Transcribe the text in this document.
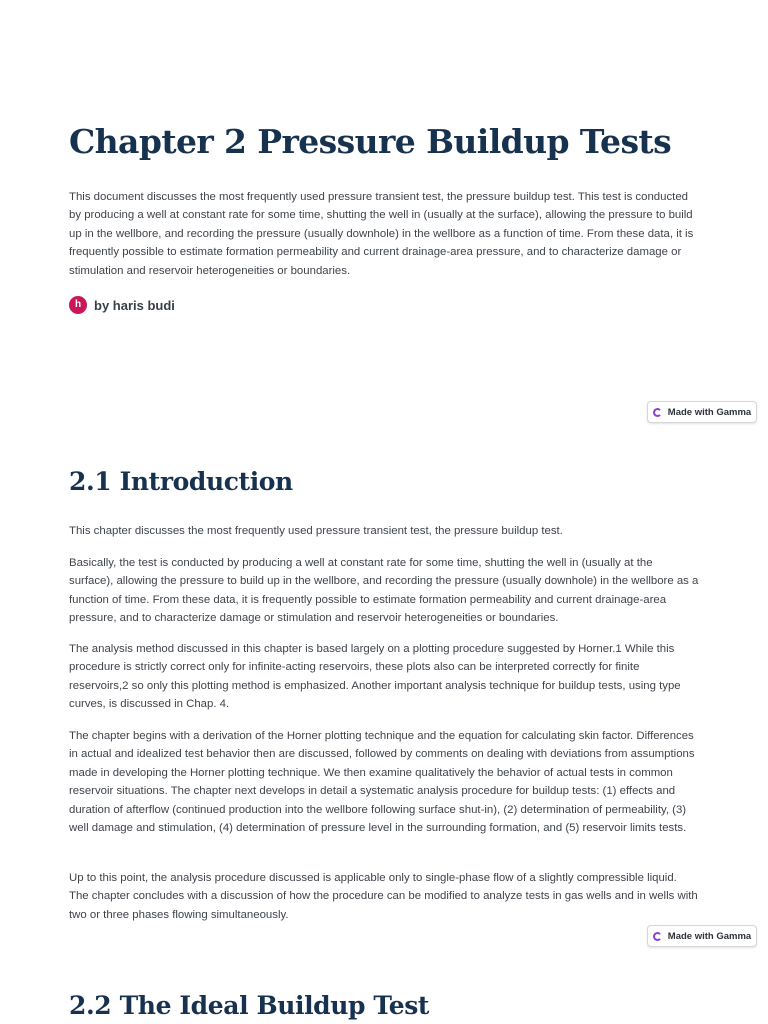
Chapter 2 Pressure Buildup Tests

This document discusses the most frequently used pressure transient test, the pressure buildup test. This test is conducted by producing a well at constant rate for some time, shutting the well in (usually at the surface), allowing the pressure to build up in the wellbore, and recording the pressure (usually downhole) in the wellbore as a function of time. From these data, it is frequently possible to estimate formation permeability and current drainage-area pressure, and to characterize damage or stimulation and reservoir heterogeneities or boundaries.

h by haris budi
Made with Gamma
2.1 Introduction

This chapter discusses the most frequently used pressure transient test, the pressure buildup test.

Basically, the test is conducted by producing a well at constant rate for some time, shutting the well in (usually at the surface), allowing the pressure to build up in the wellbore, and recording the pressure (usually downhole) in the wellbore as a function of time. From these data, it is frequently possible to estimate formation permeability and current drainage-area pressure, and to characterize damage or stimulation and reservoir heterogeneities or boundaries.

The analysis method discussed in this chapter is based largely on a plotting procedure suggested by Horner.1 While this procedure is strictly correct only for infinite-acting reservoirs, these plots also can be interpreted correctly for finite reservoirs,2 so only this plotting method is emphasized. Another important analysis technique for buildup tests, using type curves, is discussed in Chap. 4.

The chapter begins with a derivation of the Horner plotting technique and the equation for calculating skin factor. Differences in actual and idealized test behavior then are discussed, followed by comments on dealing with deviations from assumptions made in developing the Horner plotting technique. We then examine qualitatively the behavior of actual tests in common reservoir situations. The chapter next develops in detail a systematic analysis procedure for buildup tests: (1) effects and duration of afterflow (continued production into the wellbore following surface shut-in), (2) determination of permeability, (3) well damage and stimulation, (4) determination of pressure level in the surrounding formation, and (5) reservoir limits tests.

Up to this point, the analysis procedure discussed is applicable only to single-phase flow of a slightly compressible liquid. The chapter concludes with a discussion of how the procedure can be modified to analyze tests in gas wells and in wells with two or three phases flowing simultaneously.

Made with Gamma
2.2 The Ideal Buildup Test
